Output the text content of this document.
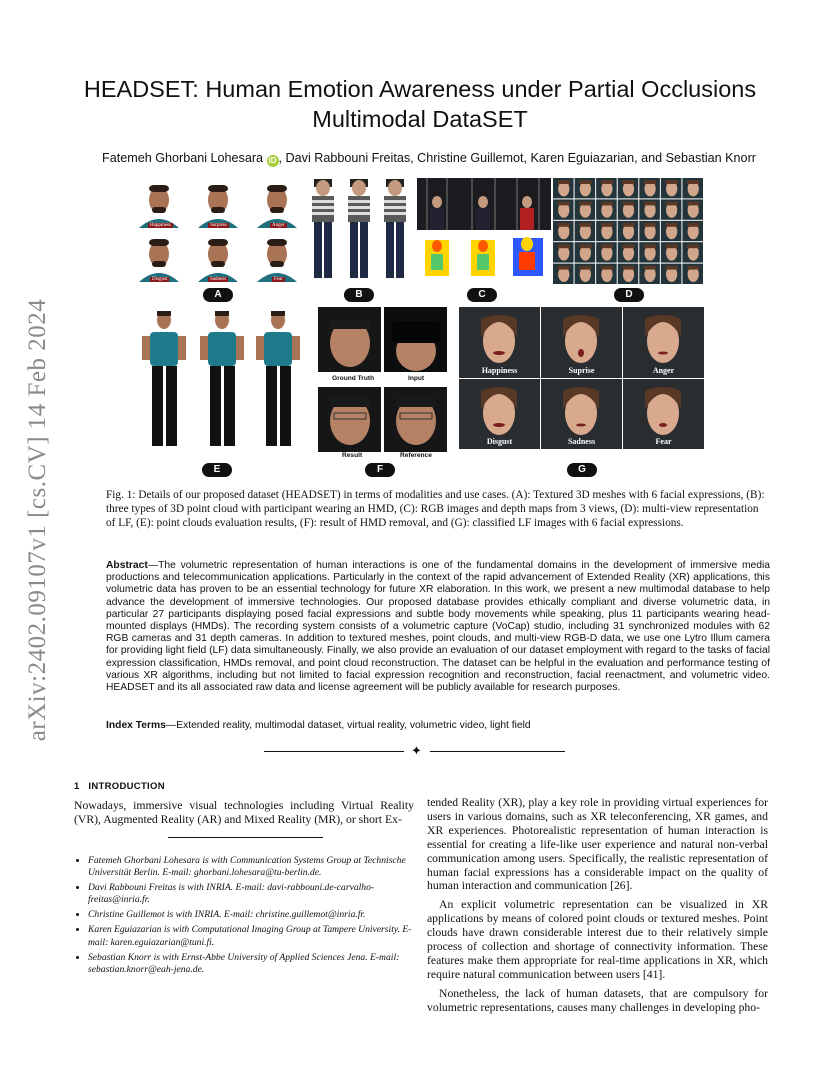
arXiv:2402.09107v1 [cs.CV] 14 Feb 2024
HEADSET: Human Emotion Awareness under Partial Occlusions
Multimodal DataSET
Fatemeh Ghorbani Lohesara iD , Davi Rabbouni Freitas, Christine Guillemot, Karen Eguiazarian, and Sebastian Knorr
Happiness	Surprise	Anger
Disgust	Sadness	Fear
Ground Truth	Input
Result	Reference
Happiness	Suprise	Anger
Disgust	Sadness	Fear
A	B	C	D
E	F	G
Fig. 1: Details of our proposed dataset (HEADSET) in terms of modalities and use cases. (A): Textured 3D meshes with 6 facial expressions, (B): three types of 3D point cloud with participant wearing an HMD, (C): RGB images and depth maps from 3 views, (D): multi-view representation of LF, (E): point clouds evaluation results, (F): result of HMD removal, and (G): classified LF images with 6 facial expressions.
Abstract—The volumetric representation of human interactions is one of the fundamental domains in the development of immersive media productions and telecommunication applications. Particularly in the context of the rapid advancement of Extended Reality (XR) applications, this volumetric data has proven to be an essential technology for future XR elaboration. In this work, we present a new multimodal database to help advance the development of immersive technologies. Our proposed database provides ethically compliant and diverse volumetric data, in particular 27 participants displaying posed facial expressions and subtle body movements while speaking, plus 11 participants wearing head-mounted displays (HMDs). The recording system consists of a volumetric capture (VoCap) studio, including 31 synchronized modules with 62 RGB cameras and 31 depth cameras. In addition to textured meshes, point clouds, and multi-view RGB-D data, we use one Lytro Illum camera for providing light field (LF) data simultaneously. Finally, we also provide an evaluation of our dataset employment with regard to the tasks of facial expression classification, HMDs removal, and point cloud reconstruction. The dataset can be helpful in the evaluation and performance testing of various XR algorithms, including but not limited to facial expression recognition and reconstruction, facial reenactment, and volumetric video. HEADSET and its all associated raw data and license agreement will be publicly available for research purposes.
Index Terms—Extended reality, multimodal dataset, virtual reality, volumetric video, light field
✦
1 INTRODUCTION

Nowadays, immersive visual technologies including Virtual Reality (VR), Augmented Reality (AR) and Mixed Reality (MR), or short Ex-

• Fatemeh Ghorbani Lohesara is with Communication Systems Group at Technische Universität Berlin. E-mail: ghorbani.lohesara@tu-berlin.de.
• Davi Rabbouni Freitas is with INRIA. E-mail: davi-rabbouni.de-carvalho-freitas@inria.fr.
• Christine Guillemot is with INRIA. E-mail: christine.guillemot@inria.fr.
• Karen Eguiazarian is with Computational Imaging Group at Tampere University. E-mail: karen.eguiazarian@tuni.fi.
• Sebastian Knorr is with Ernst-Abbe University of Applied Sciences Jena. E-mail: sebastian.knorr@eah-jena.de.

tended Reality (XR), play a key role in providing virtual experiences for users in various domains, such as XR teleconferencing, XR games, and XR experiences. Photorealistic representation of human interaction is essential for creating a life-like user experience and natural non-verbal communication among users. Specifically, the realistic representation of human facial expressions has a considerable impact on the quality of human interaction and communication [26].

An explicit volumetric representation can be visualized in XR applications by means of colored point clouds or textured meshes. Point clouds have drawn considerable interest due to their relatively simple process of collection and shortage of connectivity information. These features make them appropriate for real-time applications in XR, which require natural communication between users [41].

Nonetheless, the lack of human datasets, that are compulsory for volumetric representations, causes many challenges in developing pho-
